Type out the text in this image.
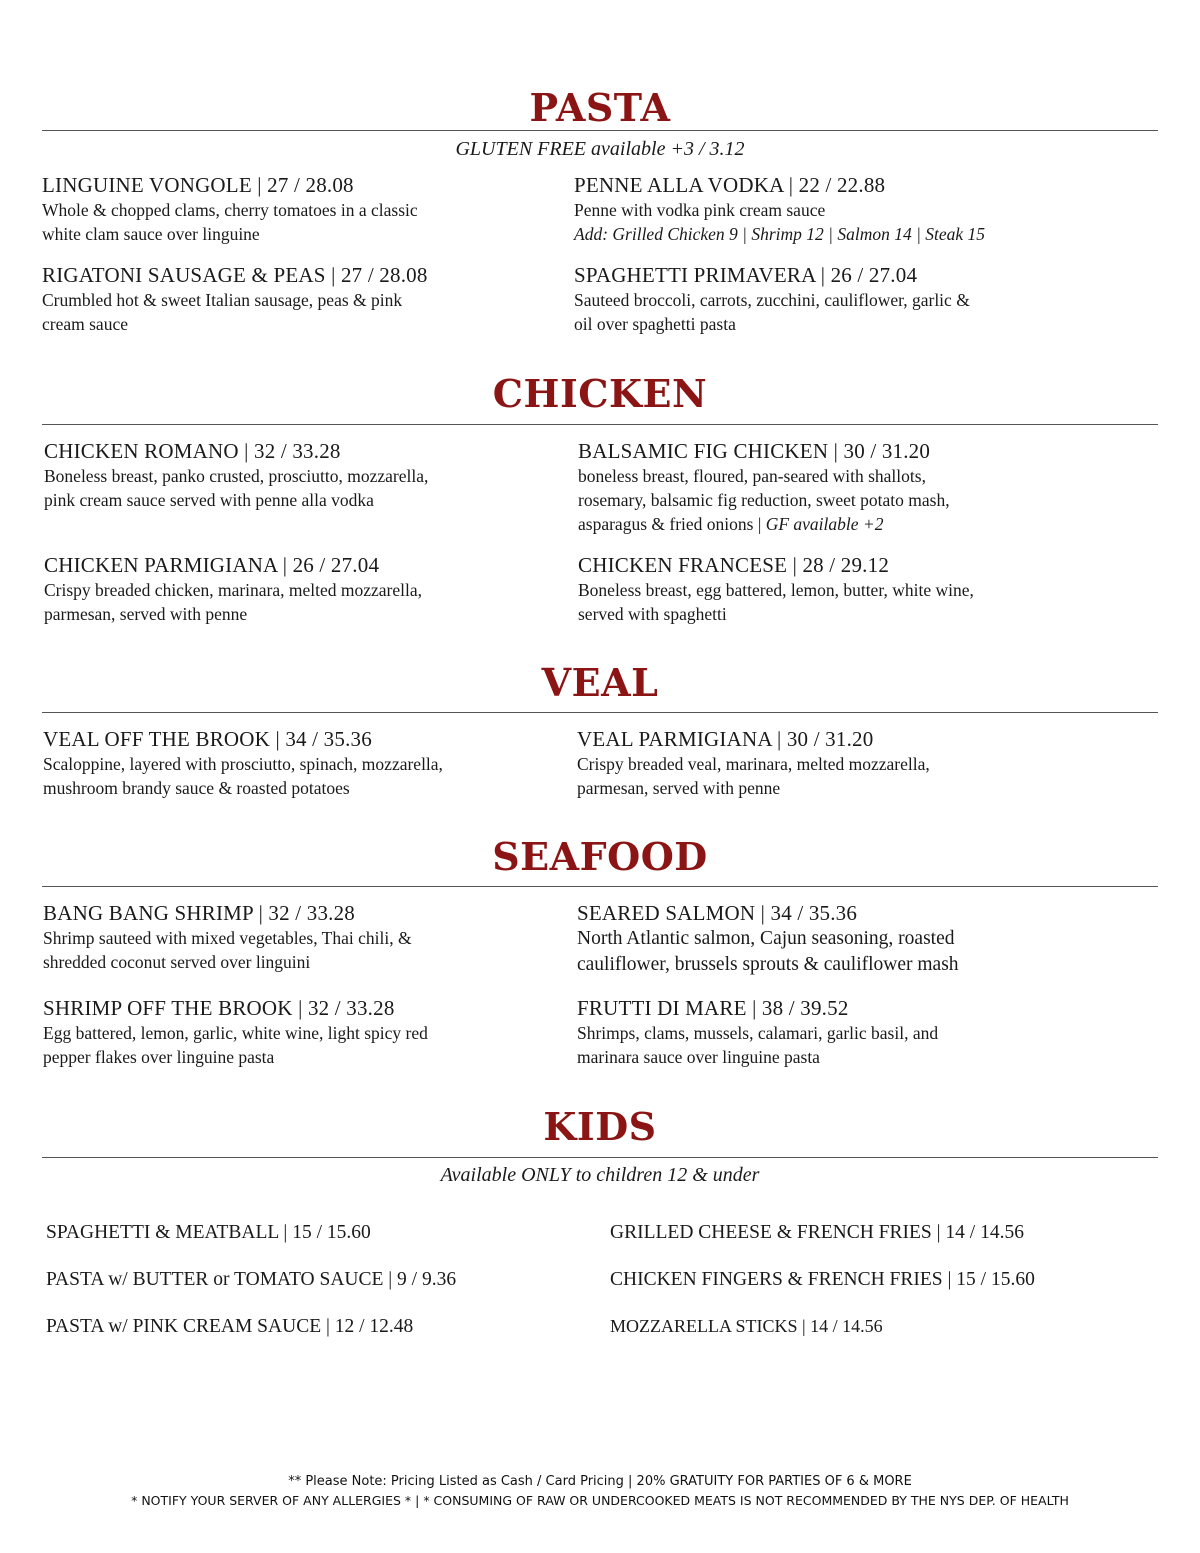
PASTA
GLUTEN FREE available +3 / 3.12
LINGUINE VONGOLE | 27 / 28.08
Whole & chopped clams, cherry tomatoes in a classic
white clam sauce over linguine
PENNE ALLA VODKA | 22 / 22.88
Penne with vodka pink cream sauce
Add: Grilled Chicken 9 | Shrimp 12 | Salmon 14 | Steak 15
RIGATONI SAUSAGE & PEAS | 27 / 28.08
Crumbled hot & sweet Italian sausage, peas & pink
cream sauce
SPAGHETTI PRIMAVERA | 26 / 27.04
Sauteed broccoli, carrots, zucchini, cauliflower, garlic &
oil over spaghetti pasta
CHICKEN
CHICKEN ROMANO | 32 / 33.28
Boneless breast, panko crusted, prosciutto, mozzarella,
pink cream sauce served with penne alla vodka
BALSAMIC FIG CHICKEN | 30 / 31.20
boneless breast, floured, pan-seared with shallots,
rosemary, balsamic fig reduction, sweet potato mash,
asparagus & fried onions | GF available +2
CHICKEN PARMIGIANA | 26 / 27.04
Crispy breaded chicken, marinara, melted mozzarella,
parmesan, served with penne
CHICKEN FRANCESE | 28 / 29.12
Boneless breast, egg battered, lemon, butter, white wine,
served with spaghetti
VEAL
VEAL OFF THE BROOK | 34 / 35.36
Scaloppine, layered with prosciutto, spinach, mozzarella,
mushroom brandy sauce & roasted potatoes
VEAL PARMIGIANA | 30 / 31.20
Crispy breaded veal, marinara, melted mozzarella,
parmesan, served with penne
SEAFOOD
BANG BANG SHRIMP | 32 / 33.28
Shrimp sauteed with mixed vegetables, Thai chili, &
shredded coconut served over linguini
SEARED SALMON | 34 / 35.36
North Atlantic salmon, Cajun seasoning, roasted
cauliflower, brussels sprouts & cauliflower mash
SHRIMP OFF THE BROOK | 32 / 33.28
Egg battered, lemon, garlic, white wine, light spicy red
pepper flakes over linguine pasta
FRUTTI DI MARE | 38 / 39.52
Shrimps, clams, mussels, calamari, garlic basil, and
marinara sauce over linguine pasta
KIDS
Available ONLY to children 12 & under
SPAGHETTI & MEATBALL | 15 / 15.60
PASTA w/ BUTTER or TOMATO SAUCE | 9 / 9.36
PASTA w/ PINK CREAM SAUCE | 12 / 12.48
GRILLED CHEESE & FRENCH FRIES | 14 / 14.56
CHICKEN FINGERS & FRENCH FRIES | 15 / 15.60
MOZZARELLA STICKS | 14 / 14.56
** Please Note: Pricing Listed as Cash / Card Pricing | 20% GRATUITY FOR PARTIES OF 6 & MORE
* NOTIFY YOUR SERVER OF ANY ALLERGIES * | * CONSUMING OF RAW OR UNDERCOOKED MEATS IS NOT RECOMMENDED BY THE NYS DEP. OF HEALTH
